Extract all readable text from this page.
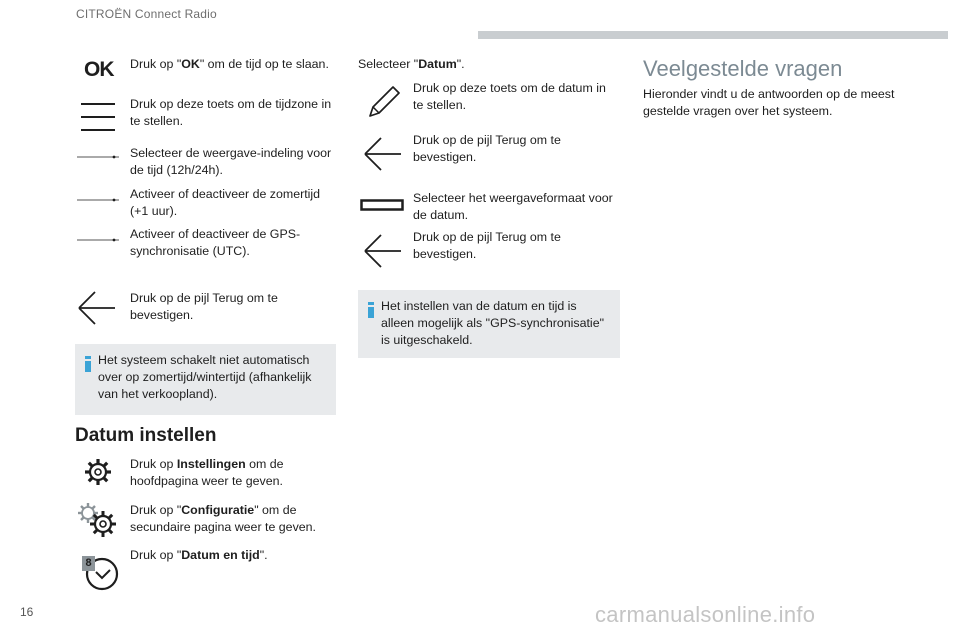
CITROËN Connect Radio
OK Druk op "OK" om de tijd op te slaan.
Druk op deze toets om de tijdzone in te stellen.
Selecteer de weergave-indeling voor de tijd (12h/24h).
Activeer of deactiveer de zomertijd (+1 uur).
Activeer of deactiveer de GPS-synchronisatie (UTC).
Druk op de pijl Terug om te bevestigen.
Het systeem schakelt niet automatisch over op zomertijd/wintertijd (afhankelijk van het verkoopland).
Datum instellen
Druk op Instellingen om de hoofdpagina weer te geven.
Druk op "Configuratie" om de secundaire pagina weer te geven.
8
Druk op "Datum en tijd".
Selecteer "Datum".
Druk op deze toets om de datum in te stellen.
Druk op de pijl Terug om te bevestigen.
Selecteer het weergaveformaat voor de datum.
Druk op de pijl Terug om te bevestigen.
Het instellen van de datum en tijd is alleen mogelijk als "GPS-synchronisatie" is uitgeschakeld.
Veelgestelde vragen
Hieronder vindt u de antwoorden op de meest gestelde vragen over het systeem.
16	carmanualsonline.info
